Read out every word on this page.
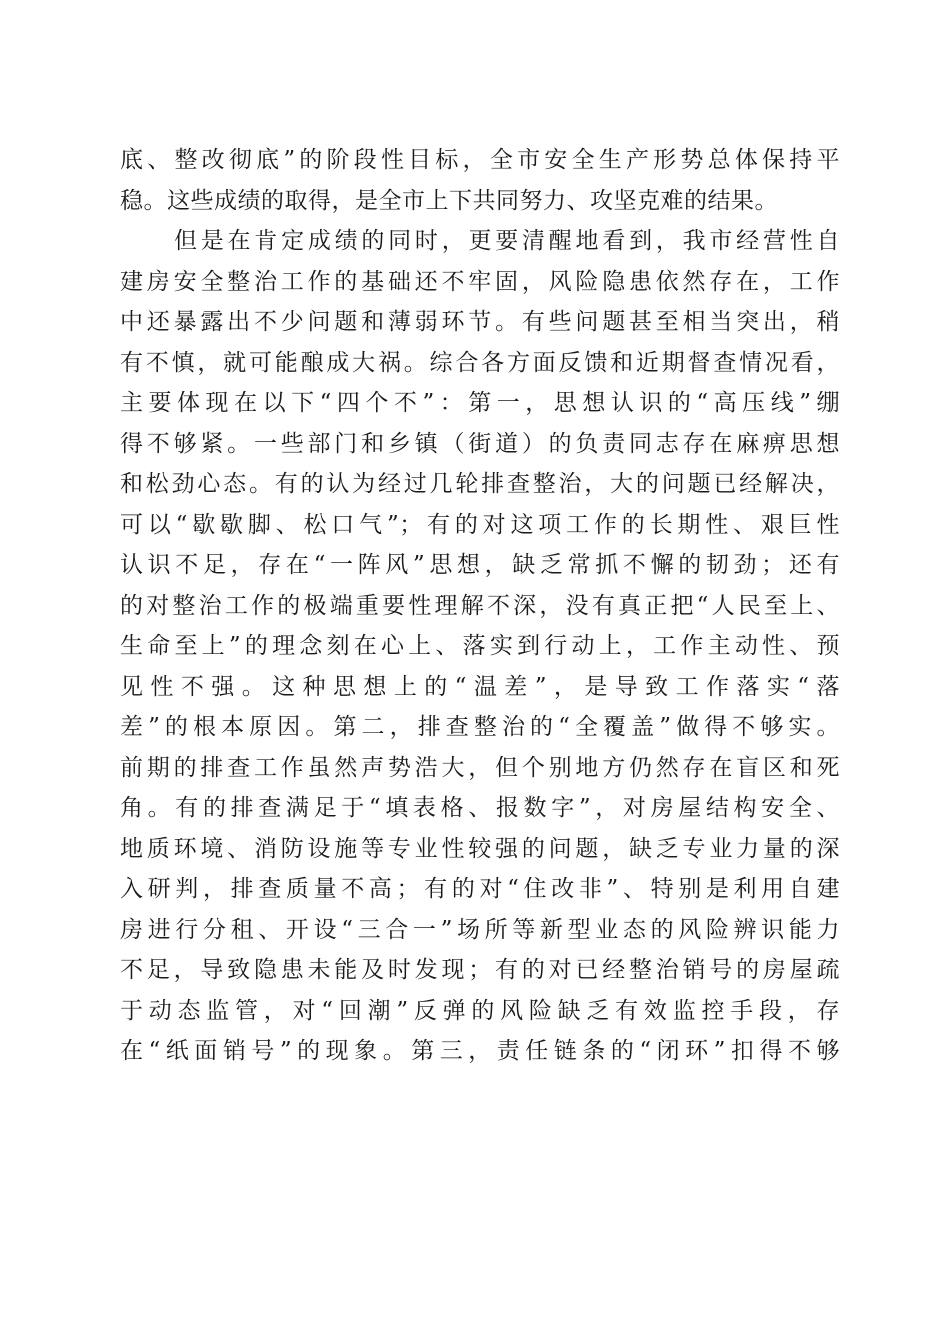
底、整改彻底”的阶段性目标，全市安全生产形势总体保持平
稳。这些成绩的取得，是全市上下共同努力、攻坚克难的结果。
但是在肯定成绩的同时，更要清醒地看到，我市经营性自
建房安全整治工作的基础还不牢固，风险隐患依然存在，工作
中还暴露出不少问题和薄弱环节。有些问题甚至相当突出，稍
有不慎，就可能酿成大祸。综合各方面反馈和近期督查情况看，
主要体现在以下“四个不”：第一，思想认识的“高压线”绷
得不够紧。一些部门和乡镇（街道）的负责同志存在麻痹思想
和松劲心态。有的认为经过几轮排查整治，大的问题已经解决，
可以“歇歇脚、松口气”；有的对这项工作的长期性、艰巨性
认识不足，存在“一阵风”思想，缺乏常抓不懈的韧劲；还有
的对整治工作的极端重要性理解不深，没有真正把“人民至上、
生命至上”的理念刻在心上、落实到行动上，工作主动性、预
见性不强。这种思想上的“温差”，是导致工作落实“落
差”的根本原因。第二，排查整治的“全覆盖”做得不够实。
前期的排查工作虽然声势浩大，但个别地方仍然存在盲区和死
角。有的排查满足于“填表格、报数字”，对房屋结构安全、
地质环境、消防设施等专业性较强的问题，缺乏专业力量的深
入研判，排查质量不高；有的对“住改非”、特别是利用自建
房进行分租、开设“三合一”场所等新型业态的风险辨识能力
不足，导致隐患未能及时发现；有的对已经整治销号的房屋疏
于动态监管，对“回潮”反弹的风险缺乏有效监控手段，存
在“纸面销号”的现象。第三，责任链条的“闭环”扣得不够
